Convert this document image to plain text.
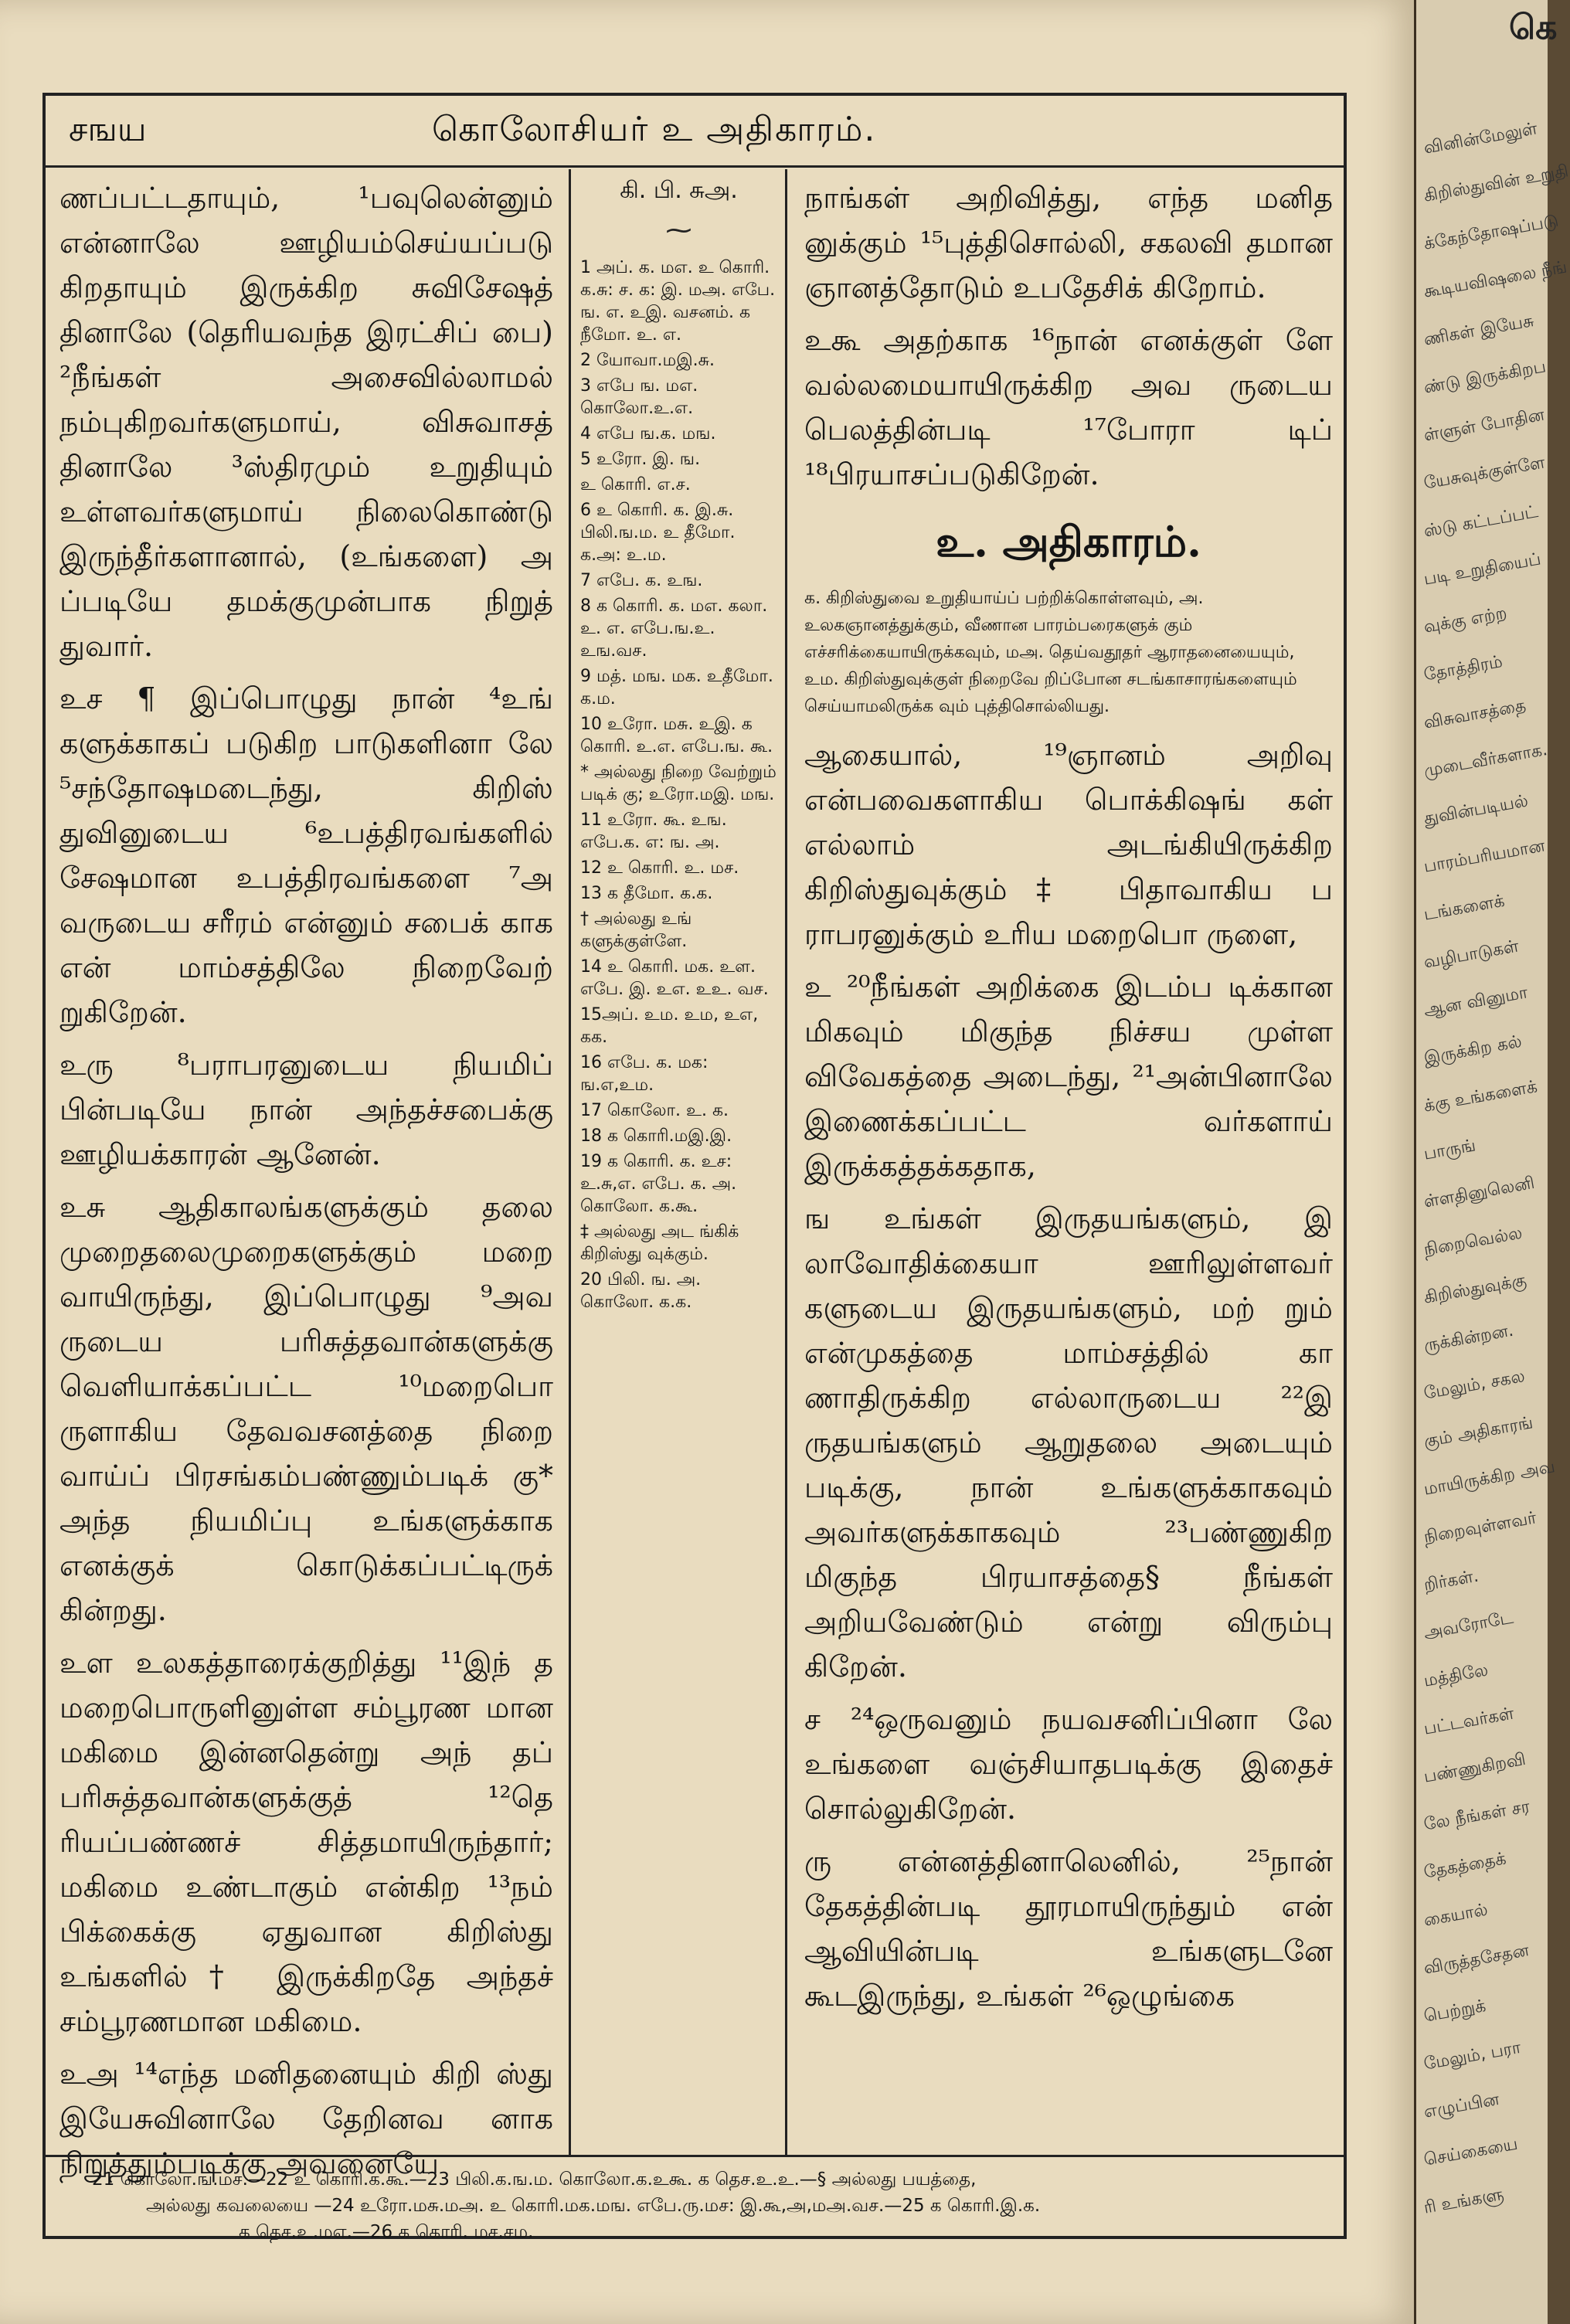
சஙய	கொலோசியர் உ அதிகாரம்.

ணப்பட்டதாயும், ¹பவுலென்னும் என்னாலே ஊழியம்செய்யப்படு கிறதாயும் இருக்கிற சுவிசேஷத் தினாலே (தெரியவந்த இரட்சிப் பை) ²நீங்கள் அசைவில்லாமல் நம்புகிறவர்களுமாய், விசுவாசத் தினாலே ³ஸ்திரமும் உறுதியும் உள்ளவர்களுமாய் நிலைகொண்டு இருந்தீர்களானால், (உங்களை) அ ப்படியே தமக்குமுன்பாக நிறுத் துவார்.

உச ¶ இப்பொழுது நான் ⁴உங் களுக்காகப் படுகிற பாடுகளினா லே ⁵சந்தோஷமடைந்து, கிறிஸ் துவினுடைய ⁶உபத்திரவங்களில் சேஷமான உபத்திரவங்களை ⁷அ வருடைய சரீரம் என்னும் சபைக் காக என் மாம்சத்திலே நிறைவேற் றுகிறேன்.

உரு ⁸பராபரனுடைய நியமிப் பின்படியே நான் அந்தச்சபைக்கு ஊழியக்காரன் ஆனேன்.

உசு ஆதிகாலங்களுக்கும் தலை முறைதலைமுறைகளுக்கும் மறை வாயிருந்து, இப்பொழுது ⁹அவ ருடைய பரிசுத்தவான்களுக்கு வெளியாக்கப்பட்ட ¹⁰மறைபொ ருளாகிய தேவவசனத்தை நிறை வாய்ப் பிரசங்கம்பண்ணும்படிக் கு* அந்த நியமிப்பு உங்களுக்காக எனக்குக் கொடுக்கப்பட்டிருக் கின்றது.

உள உலகத்தாரைக்குறித்து ¹¹இந் த மறைபொருளினுள்ள சம்பூரண மான மகிமை இன்னதென்று அந் தப் பரிசுத்தவான்களுக்குத் ¹²தெ ரியப்பண்ணச் சித்தமாயிருந்தார்; மகிமை உண்டாகும் என்கிற ¹³நம் பிக்கைக்கு ஏதுவான கிறிஸ்து உங்களில்† இருக்கிறதே அந்தச் சம்பூரணமான மகிமை.

உஅ ¹⁴எந்த மனிதனையும் கிறி ஸ்து இயேசுவினாலே தேறினவ னாக நிறுத்தும்படிக்கு அவனையே

கி. பி. சுஅ.
⁓

1 அப். க. மஎ. உ கொரி. க.சு: ச. க: இ. மஅ. எபே. ங. எ. உஇ. வசனம். க நீமோ. உ. எ.

2 யோவா.மஇ.சு.

3 எபே ங. மஎ. கொலோ.உ.எ.

4 எபே ங.க. மங.

5 உரோ. இ. ங.

உ கொரி. எ.ச.

6 உ கொரி. க. இ.சு. பிலி.ங.ம. உ தீமோ. க.அ: உ.ம.

7 எபே. க. உங.

8 க கொரி. க. மஎ. கலா. உ. எ. எபே.ங.உ. உங.வச.

9 மத். மங. மக. உதீமோ. க.ம.

10 உரோ. மசு. உஇ. க கொரி. உ.எ. எபே.ங. கூ.

* அல்லது நிறை வேற்றும் படிக் கு; உரோ.மஇ. மங.

11 உரோ. கூ. உங. எபே.க. எ: ங. அ.

12 உ கொரி. உ. மச.

13 க தீமோ. க.க.

† அல்லது உங் களுக்குள்ளே.

14 உ கொரி. மக. உள. எபே. இ. உஎ. உஉ. வச.

15அப். உம. உம, உஎ, கக.

16 எபே. க. மக: ங.எ,உம.

17 கொலோ. உ. க.

18 க கொரி.மஇ.இ.

19 க கொரி. க. உச: உ.சு,எ. எபே. க. அ. கொலோ. க.கூ.

‡ அல்லது அட ங்கிக் கிறிஸ்து வுக்கும்.

20 பிலி. ங. அ. கொலோ. க.க.

நாங்கள் அறிவித்து, எந்த மனித னுக்கும் ¹⁵புத்திசொல்லி, சகலவி தமான ஞானத்தோடும் உபதேசிக் கிறோம்.

உகூ அதற்காக ¹⁶நான் எனக்குள் ளே வல்லமையாயிருக்கிற அவ ருடைய பெலத்தின்படி ¹⁷போரா டிப் ¹⁸பிரயாசப்படுகிறேன்.

உ. அதிகாரம்.

க. கிறிஸ்துவை உறுதியாய்ப் பற்றிக்கொள்ளவும், அ. உலகஞானத்துக்கும், வீணான பாரம்பரைகளுக் கும் எச்சரிக்கையாயிருக்கவும், மஅ. தெய்வதூதர் ஆராதனையையும், உம. கிறிஸ்துவுக்குள் நிறைவே றிப்போன சடங்காசாரங்களையும் செய்யாமலிருக்க வும் புத்திசொல்லியது.

ஆகையால், ¹⁹ஞானம் அறிவு என்பவைகளாகிய பொக்கிஷங் கள் எல்லாம் அடங்கியிருக்கிற கிறிஸ்துவுக்கும்‡ பிதாவாகிய ப ராபரனுக்கும் உரிய மறைபொ ருளை,

உ ²⁰நீங்கள் அறிக்கை இடம்ப டிக்கான மிகவும் மிகுந்த நிச்சய முள்ள விவேகத்தை அடைந்து, ²¹அன்பினாலே இணைக்கப்பட்ட வர்களாய் இருக்கத்தக்கதாக,

ங உங்கள் இருதயங்களும், இ லாவோதிக்கையா ஊரிலுள்ளவர் களுடைய இருதயங்களும், மற் றும் என்முகத்தை மாம்சத்தில் கா ணாதிருக்கிற எல்லாருடைய ²²இ ருதயங்களும் ஆறுதலை அடையும் படிக்கு, நான் உங்களுக்காகவும் அவர்களுக்காகவும் ²³பண்ணுகிற மிகுந்த பிரயாசத்தை§ நீங்கள் அறியவேண்டும் என்று விரும்பு கிறேன்.

ச ²⁴ஒருவனும் நயவசனிப்பினா லே உங்களை வஞ்சியாதபடிக்கு இதைச் சொல்லுகிறேன்.

ரு என்னத்தினாலெனில், ²⁵நான் தேகத்தின்படி தூரமாயிருந்தும் என் ஆவியின்படி உங்களுடனே கூடஇருந்து, உங்கள் ²⁶ஒழுங்கை

21 கொலோ.ங.மச.—22 உ கொரி.க.கூ.—23 பிலி.க.ங.ம. கொலோ.க.உகூ. க தெச.உ.உ.—§ அல்லது பயத்தை,

அல்லது கவலையை —24 உரோ.மசு.மஅ. உ கொரி.மக.மங. எபே.ரு.மச: இ.கூ,அ,மஅ.வச.—25 க கொரி.இ.க.

க தெச.உ.மஎ.—26 க கொரி. மச.சம.

கெ
வினின்மேலுள்
கிறிஸ்துவின் உறுதி
க்கேந்தோஷப்படு
கூடியவிஷலை நீங்
ணிகள் இயேசு
ண்டு இருக்கிறப
ள்ளுள் போதின
யேசுவுக்குள்ளே
ஸ்டு கட்டப்பட்
படி உறுதியைப்
வுக்கு எற்ற
தோத்திரம்
விசுவாசத்தை
முடைவீர்களாக.
துவின்படியல்
பாரம்பரியமான
டங்களைக்
வழிபாடுகள்
ஆன வினுமா
இருக்கிற கல்
க்கு உங்களைக்
பாருங்
ள்ளதினுலெனி
நிறைவெல்ல
கிறிஸ்துவுக்கு
ருக்கின்றன.
மேலும், சகல
கும் அதிகாரங்
மாயிருக்கிற அவ
நிறைவுள்ளவர்
றிர்கள்.
அவரோடே
மத்திலே
பட்டவர்கள்
பண்ணுகிறவி
லே நீங்கள் சர
தேகத்தைக்
கையால்
விருத்தசேதன
பெற்றுக்
மேலும், பரா
எழுப்பின
செய்கையை
ரி உங்களு
